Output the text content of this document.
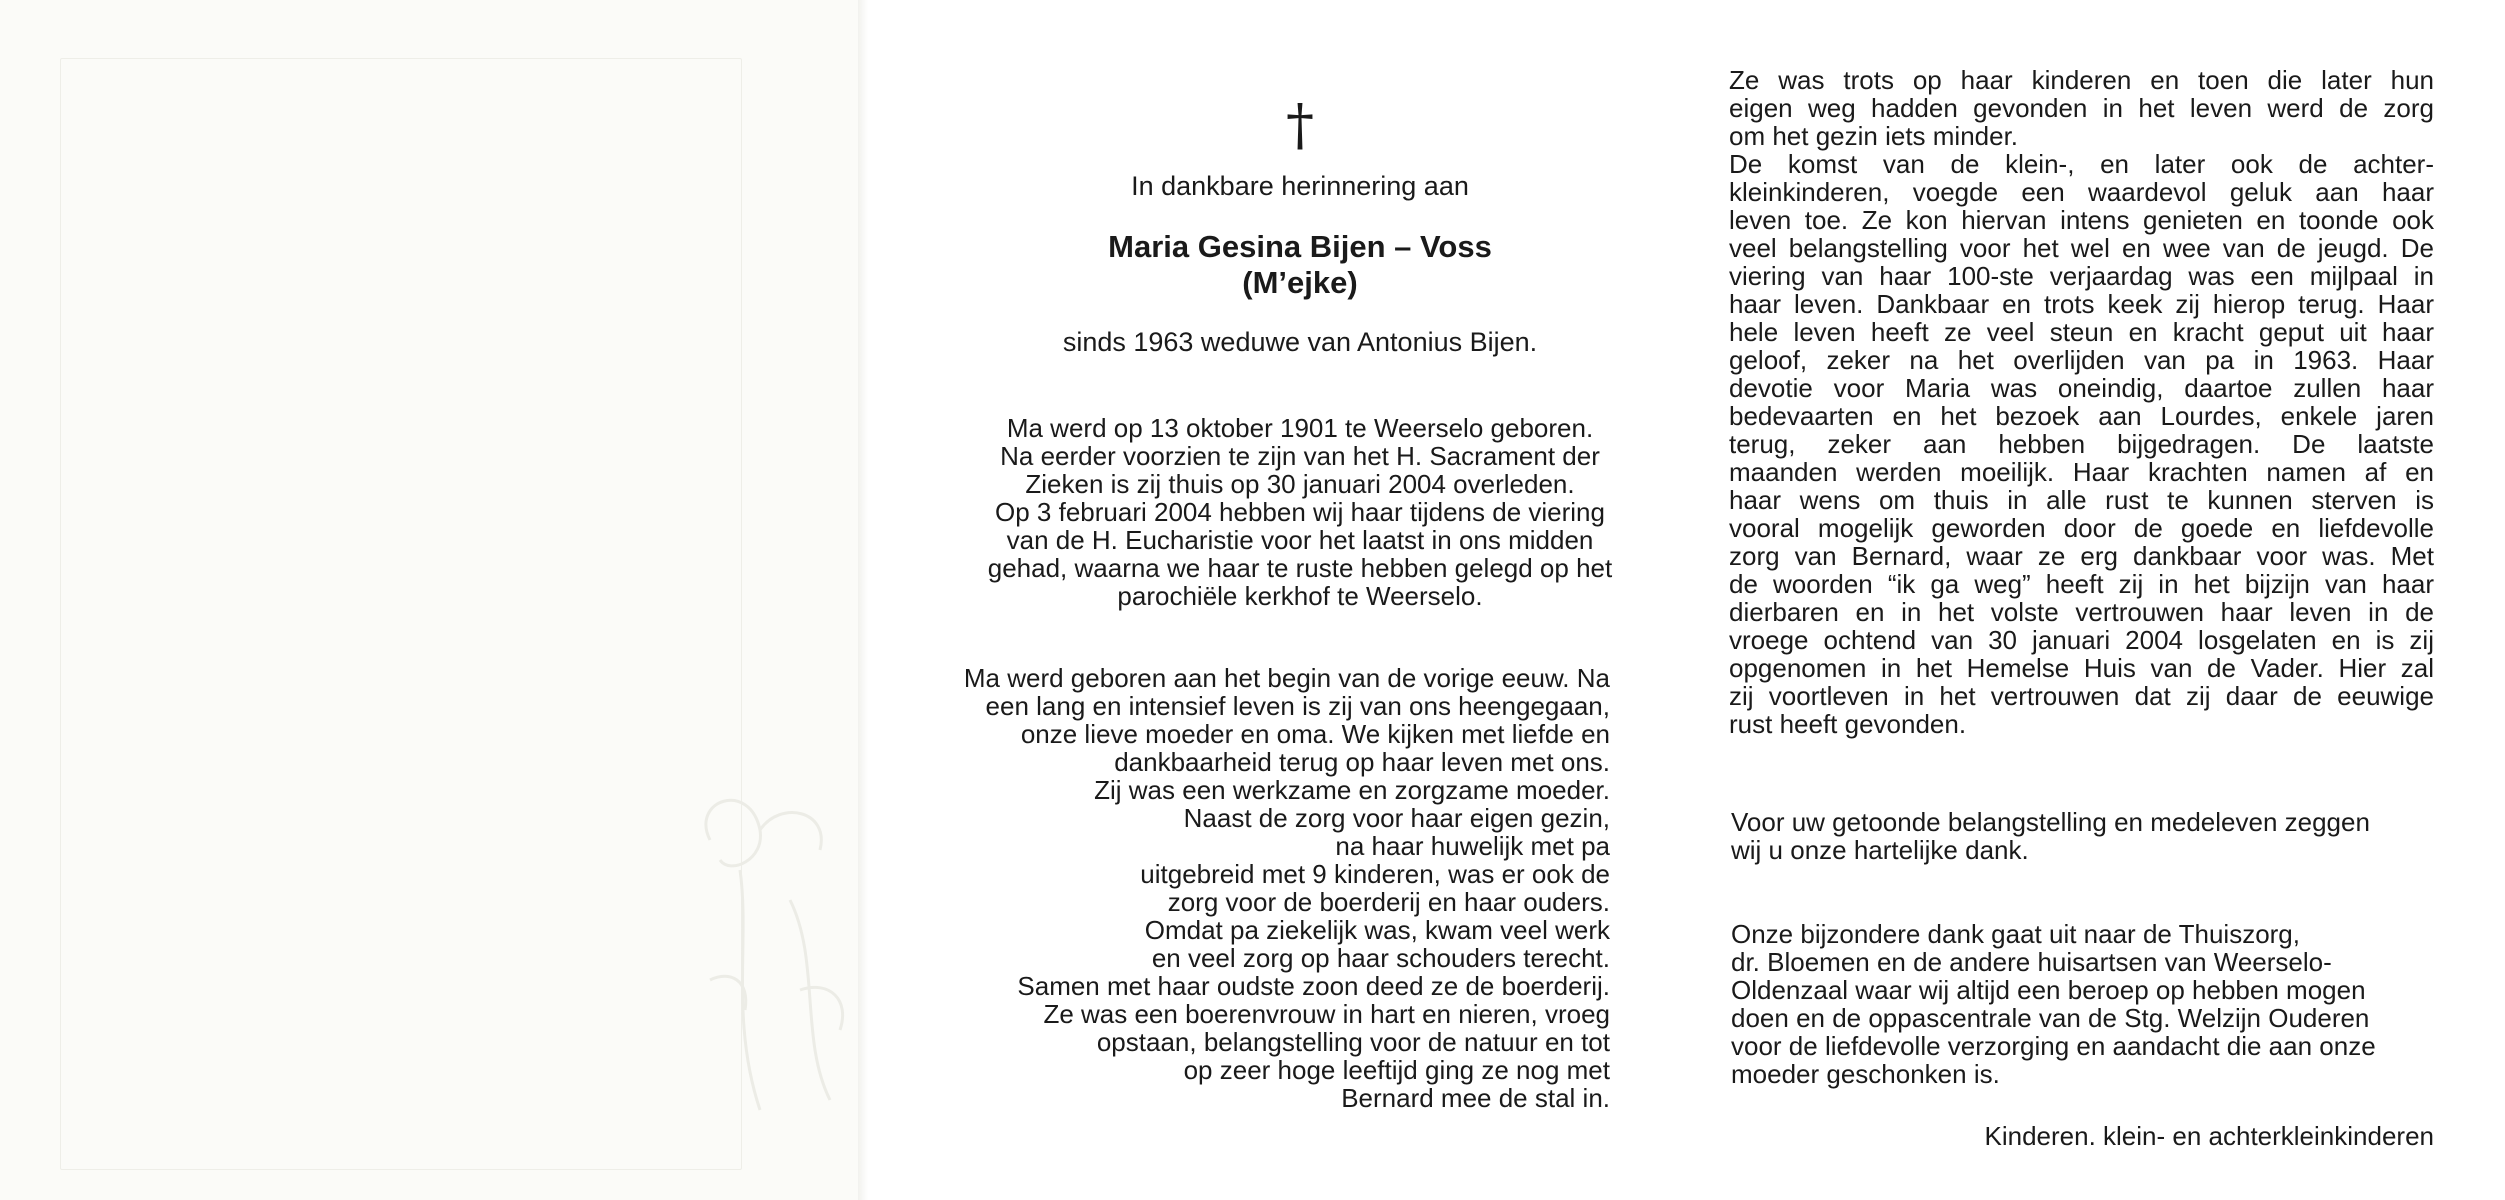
†
In dankbare herinnering aan
Maria Gesina Bijen – Voss
(M’ejke)
sinds 1963 weduwe van Antonius Bijen.
Ma werd op 13 oktober 1901 te Weerselo geboren.
Na eerder voorzien te zijn van het H. Sacrament der
Zieken is zij thuis op 30 januari 2004 overleden.
Op 3 februari 2004 hebben wij haar tijdens de viering
van de H. Eucharistie voor het laatst in ons midden
gehad, waarna we haar te ruste hebben gelegd op het
parochiële kerkhof te Weerselo.
Ma werd geboren aan het begin van de vorige eeuw. Na
een lang en intensief leven is zij van ons heengegaan,
onze lieve moeder en oma. We kijken met liefde en
dankbaarheid terug op haar leven met ons.
Zij was een werkzame en zorgzame moeder.
Naast de zorg voor haar eigen gezin,
na haar huwelijk met pa
uitgebreid met 9 kinderen, was er ook de
zorg voor de boerderij en haar ouders.
Omdat pa ziekelijk was, kwam veel werk
en veel zorg op haar schouders terecht.
Samen met haar oudste zoon deed ze de boerderij.
Ze was een boerenvrouw in hart en nieren, vroeg
opstaan, belangstelling voor de natuur en tot
op zeer hoge leeftijd ging ze nog met
Bernard mee de stal in.
Ze was trots op haar kinderen en toen die later hun
eigen weg hadden gevonden in het leven werd de zorg
om het gezin iets minder.
De komst van de klein-, en later ook de achter-
kleinkinderen, voegde een waardevol geluk aan haar
leven toe. Ze kon hiervan intens genieten en toonde ook
veel belangstelling voor het wel en wee van de jeugd. De
viering van haar 100-ste verjaardag was een mijlpaal in
haar leven. Dankbaar en trots keek zij hierop terug. Haar
hele leven heeft ze veel steun en kracht geput uit haar
geloof, zeker na het overlijden van pa in 1963. Haar
devotie voor Maria was oneindig, daartoe zullen haar
bedevaarten en het bezoek aan Lourdes, enkele jaren
terug, zeker aan hebben bijgedragen. De laatste
maanden werden moeilijk. Haar krachten namen af en
haar wens om thuis in alle rust te kunnen sterven is
vooral mogelijk geworden door de goede en liefdevolle
zorg van Bernard, waar ze erg dankbaar voor was. Met
de woorden “ik ga weg” heeft zij in het bijzijn van haar
dierbaren en in het volste vertrouwen haar leven in de
vroege ochtend van 30 januari 2004 losgelaten en is zij
opgenomen in het Hemelse Huis van de Vader. Hier zal
zij voortleven in het vertrouwen dat zij daar de eeuwige
rust heeft gevonden.
Voor uw getoonde belangstelling en medeleven zeggen
wij u onze hartelijke dank.
Onze bijzondere dank gaat uit naar de Thuiszorg,
dr. Bloemen en de andere huisartsen van Weerselo-
Oldenzaal waar wij altijd een beroep op hebben mogen
doen en de oppascentrale van de Stg. Welzijn Ouderen
voor de liefdevolle verzorging en aandacht die aan onze
moeder geschonken is.
Kinderen. klein- en achterkleinkinderen
